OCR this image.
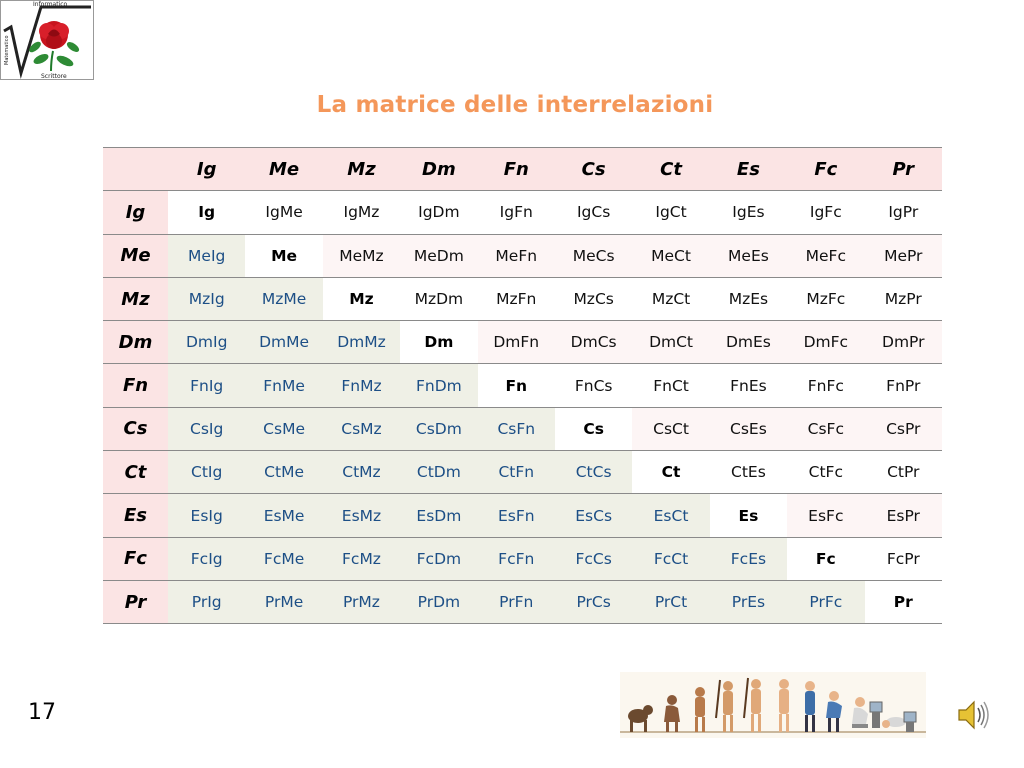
Informatico
Scrittore
Matematico
La matrice delle interrelazioni
	Ig	Me	Mz	Dm	Fn	Cs	Ct	Es	Fc	Pr
Ig	Ig	IgMe	IgMz	IgDm	IgFn	IgCs	IgCt	IgEs	IgFc	IgPr
Me	MeIg	Me	MeMz	MeDm	MeFn	MeCs	MeCt	MeEs	MeFc	MePr
Mz	MzIg	MzMe	Mz	MzDm	MzFn	MzCs	MzCt	MzEs	MzFc	MzPr
Dm	DmIg	DmMe	DmMz	Dm	DmFn	DmCs	DmCt	DmEs	DmFc	DmPr
Fn	FnIg	FnMe	FnMz	FnDm	Fn	FnCs	FnCt	FnEs	FnFc	FnPr
Cs	CsIg	CsMe	CsMz	CsDm	CsFn	Cs	CsCt	CsEs	CsFc	CsPr
Ct	CtIg	CtMe	CtMz	CtDm	CtFn	CtCs	Ct	CtEs	CtFc	CtPr
Es	EsIg	EsMe	EsMz	EsDm	EsFn	EsCs	EsCt	Es	EsFc	EsPr
Fc	FcIg	FcMe	FcMz	FcDm	FcFn	FcCs	FcCt	FcEs	Fc	FcPr
Pr	PrIg	PrMe	PrMz	PrDm	PrFn	PrCs	PrCt	PrEs	PrFc	Pr
17
